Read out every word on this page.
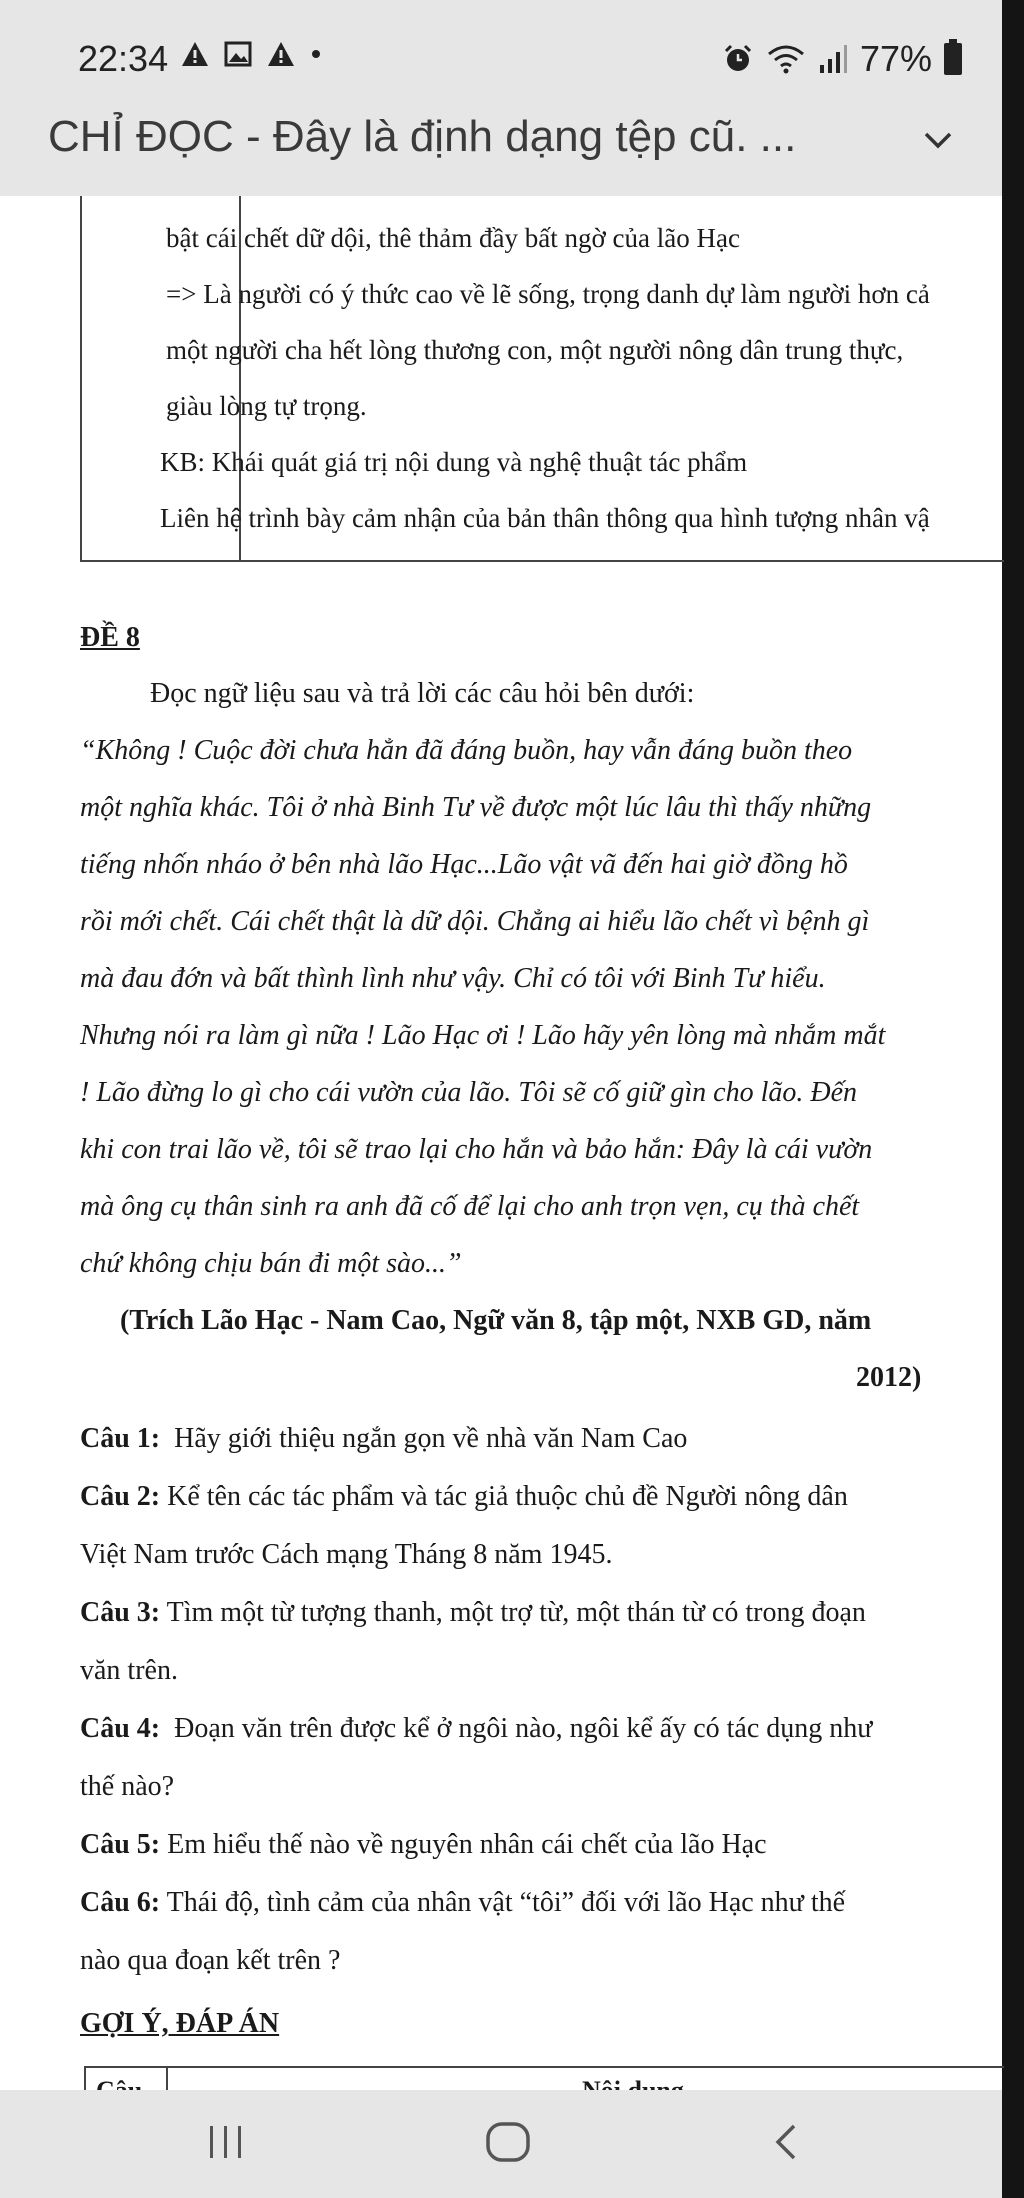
22:34	77%
CHỈ ĐỌC - Đây là định dạng tệp cũ. ...
bật cái chết dữ dội, thê thảm đầy bất ngờ của lão Hạc
=> Là người có ý thức cao về lẽ sống, trọng danh dự làm người hơn cả
một người cha hết lòng thương con, một người nông dân trung thực,
giàu lòng tự trọng.
KB: Khái quát giá trị nội dung và nghệ thuật tác phẩm
Liên hệ trình bày cảm nhận của bản thân thông qua hình tượng nhân vậ
ĐỀ 8
Đọc ngữ liệu sau và trả lời các câu hỏi bên dưới:
“Không ! Cuộc đời chưa hẳn đã đáng buồn, hay vẫn đáng buồn theo
một nghĩa khác. Tôi ở nhà Binh Tư về được một lúc lâu thì thấy những
tiếng nhốn nháo ở bên nhà lão Hạc...Lão vật vã đến hai giờ đồng hồ
rồi mới chết. Cái chết thật là dữ dội. Chẳng ai hiểu lão chết vì bệnh gì
mà đau đớn và bất thình lình như vậy. Chỉ có tôi với Binh Tư hiểu.
Nhưng nói ra làm gì nữa ! Lão Hạc ơi ! Lão hãy yên lòng mà nhắm mắt
! Lão đừng lo gì cho cái vườn của lão. Tôi sẽ cố giữ gìn cho lão. Đến
khi con trai lão về, tôi sẽ trao lại cho hắn và bảo hắn: Đây là cái vườn
mà ông cụ thân sinh ra anh đã cố để lại cho anh trọn vẹn, cụ thà chết
chứ không chịu bán đi một sào...”
(Trích Lão Hạc - Nam Cao, Ngữ văn 8, tập một, NXB GD, năm
2012)
Câu 1: Hãy giới thiệu ngắn gọn về nhà văn Nam Cao
Câu 2: Kể tên các tác phẩm và tác giả thuộc chủ đề Người nông dân
Việt Nam trước Cách mạng Tháng 8 năm 1945.
Câu 3: Tìm một từ tượng thanh, một trợ từ, một thán từ có trong đoạn
văn trên.
Câu 4: Đoạn văn trên được kể ở ngôi nào, ngôi kể ấy có tác dụng như
thế nào?
Câu 5: Em hiểu thế nào về nguyên nhân cái chết của lão Hạc
Câu 6: Thái độ, tình cảm của nhân vật “tôi” đối với lão Hạc như thế
nào qua đoạn kết trên ?
GỢI Ý, ĐÁP ÁN
